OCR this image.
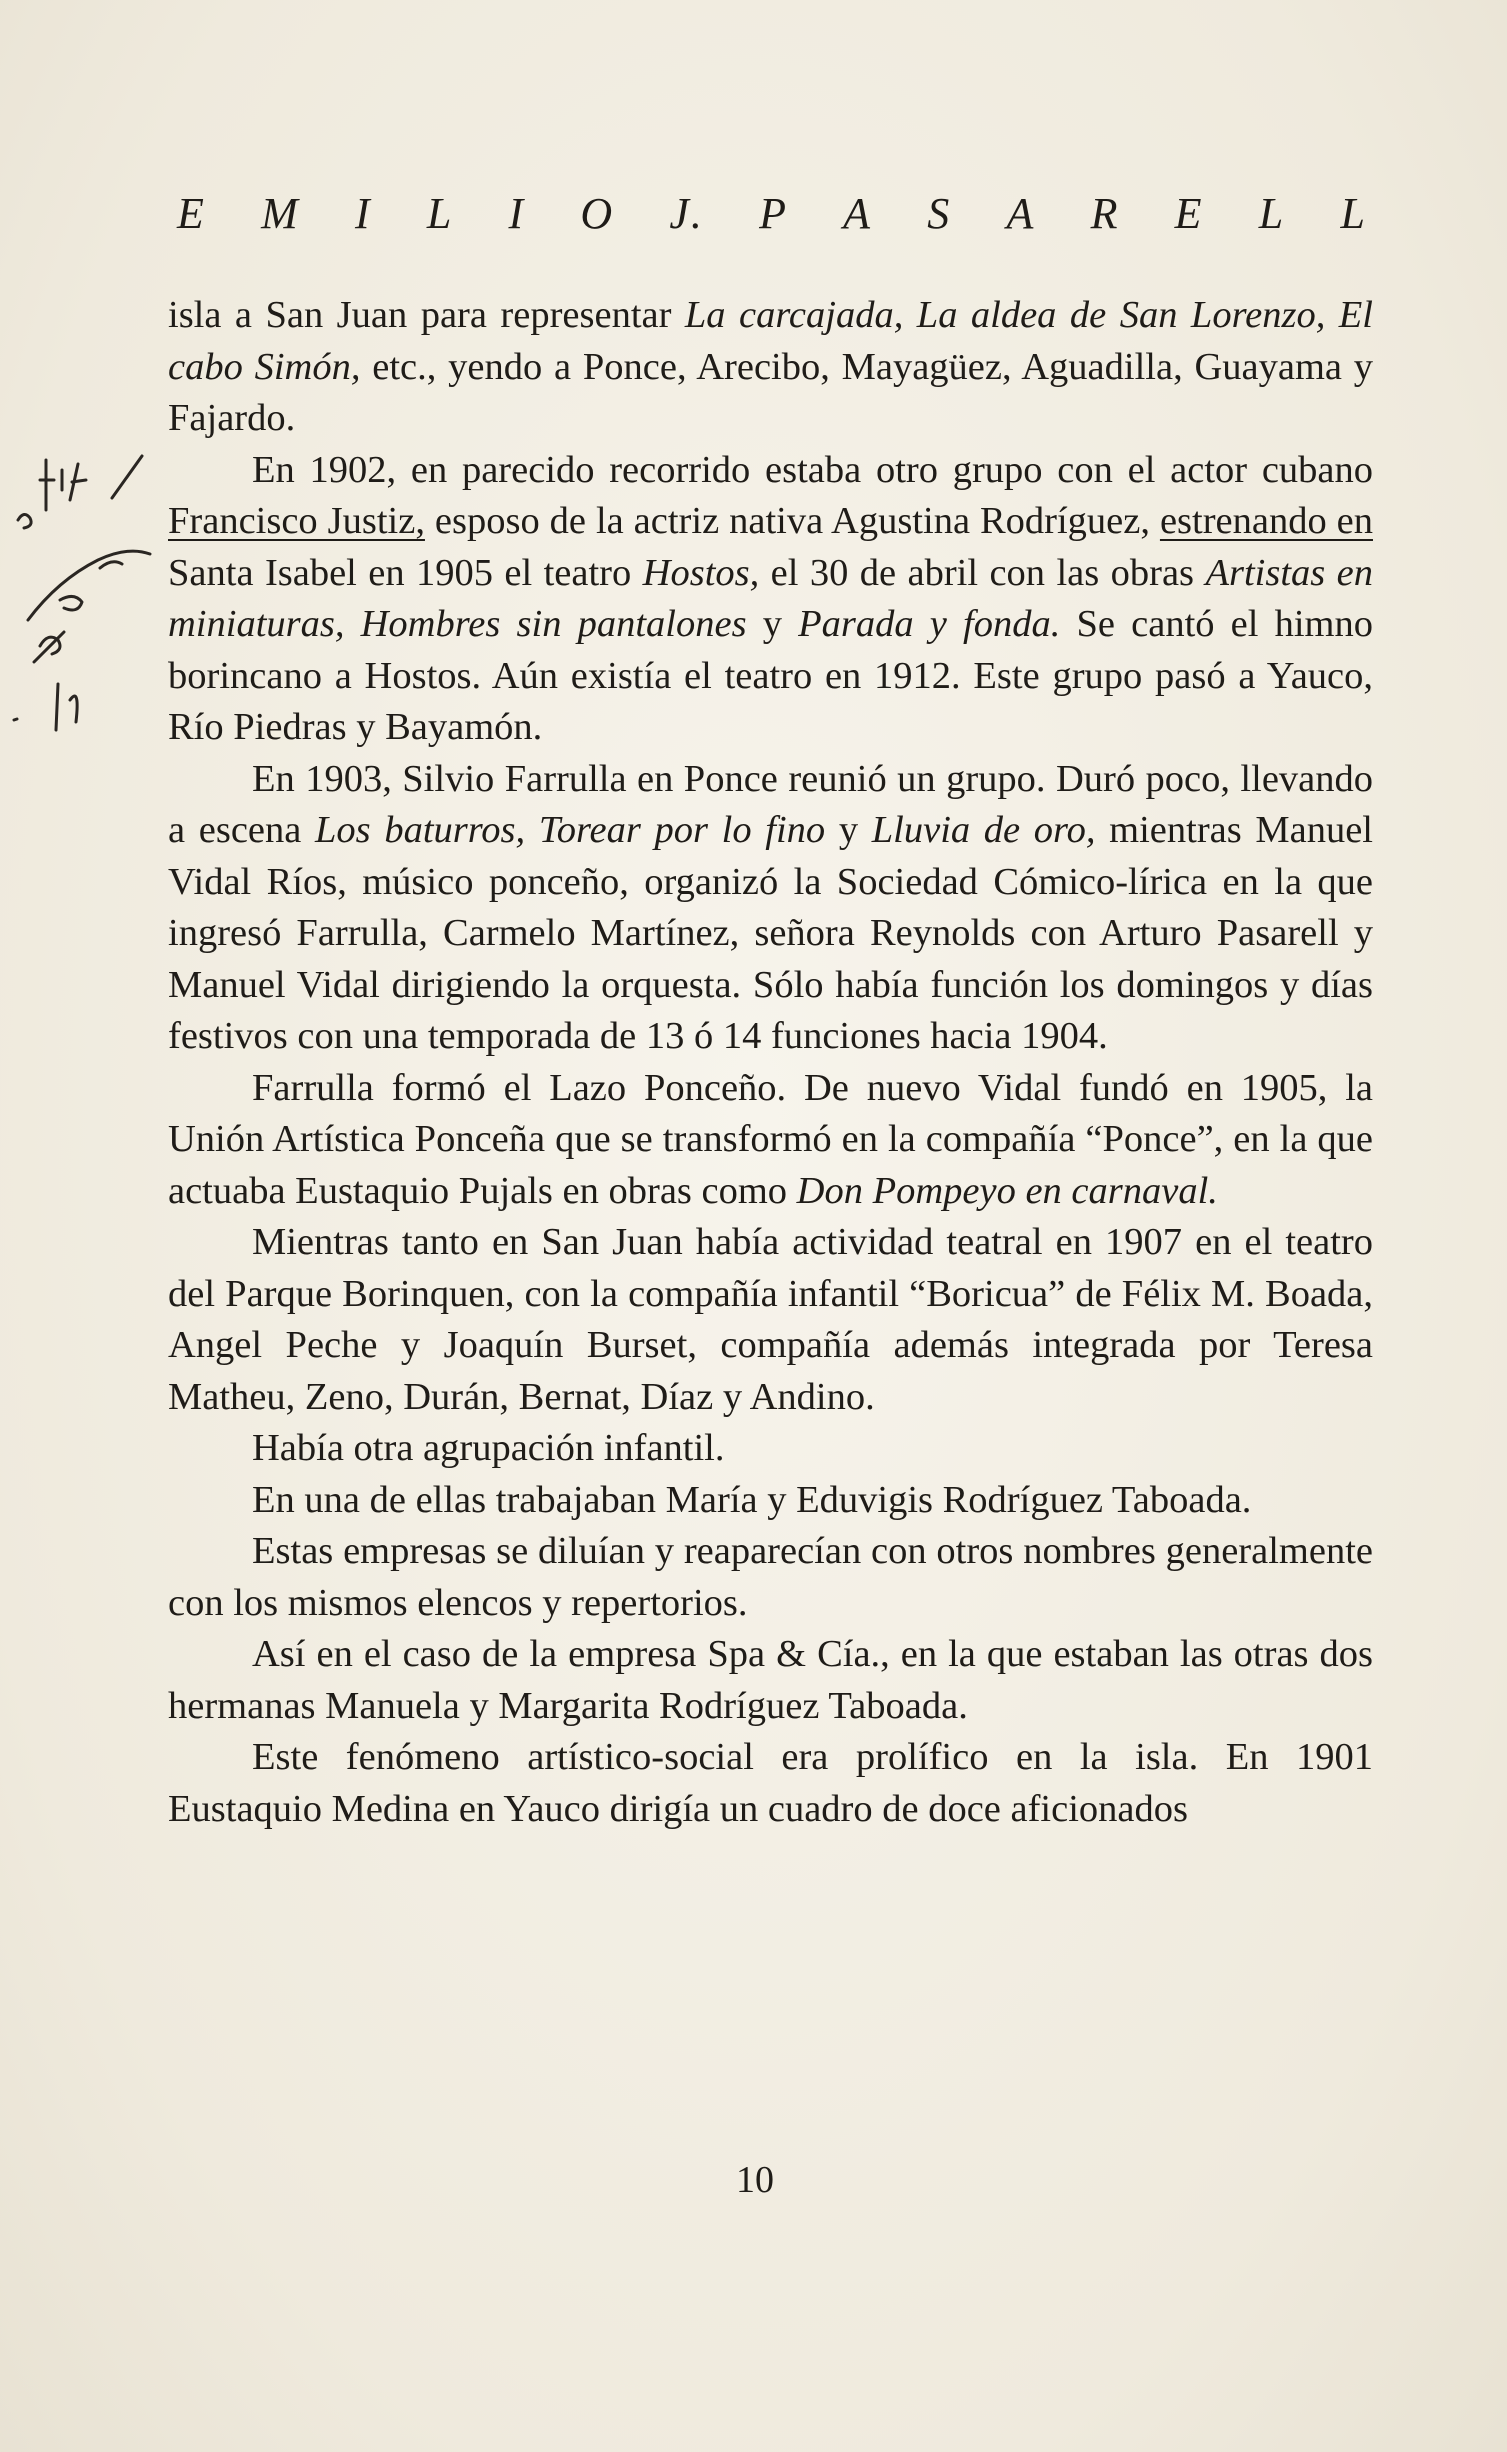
E M I L I O J. P A S A R E L L

isla a San Juan para representar La carcajada, La aldea de San Lorenzo, El cabo Simón, etc., yendo a Ponce, Arecibo, Mayagüez, Aguadilla, Guayama y Fajardo.

En 1902, en parecido recorrido estaba otro grupo con el actor cubano Francisco Justiz, esposo de la actriz nativa Agustina Rodríguez, estrenando en Santa Isabel en 1905 el teatro Hostos, el 30 de abril con las obras Artistas en miniaturas, Hombres sin pantalones y Parada y fonda. Se cantó el himno borincano a Hostos. Aún existía el teatro en 1912. Este grupo pasó a Yauco, Río Piedras y Bayamón.

En 1903, Silvio Farrulla en Ponce reunió un grupo. Duró poco, llevando a escena Los baturros, Torear por lo fino y Lluvia de oro, mientras Manuel Vidal Ríos, músico ponceño, organizó la Sociedad Cómico-lírica en la que ingresó Farrulla, Carmelo Martínez, señora Reynolds con Arturo Pasarell y Manuel Vidal dirigiendo la orquesta. Sólo había función los domingos y días festivos con una temporada de 13 ó 14 funciones hacia 1904.

Farrulla formó el Lazo Ponceño. De nuevo Vidal fundó en 1905, la Unión Artística Ponceña que se transformó en la compañía “Ponce”, en la que actuaba Eustaquio Pujals en obras como Don Pompeyo en carnaval.

Mientras tanto en San Juan había actividad teatral en 1907 en el teatro del Parque Borinquen, con la compañía infantil “Boricua” de Félix M. Boada, Angel Peche y Joaquín Burset, compañía además integrada por Teresa Matheu, Zeno, Durán, Bernat, Díaz y Andino.

Había otra agrupación infantil.

En una de ellas trabajaban María y Eduvigis Rodríguez Taboada.

Estas empresas se diluían y reaparecían con otros nombres generalmente con los mismos elencos y repertorios.

Así en el caso de la empresa Spa & Cía., en la que estaban las otras dos hermanas Manuela y Margarita Rodríguez Taboada.

Este fenómeno artístico-social era prolífico en la isla. En 1901 Eustaquio Medina en Yauco dirigía un cuadro de doce aficionados

10
